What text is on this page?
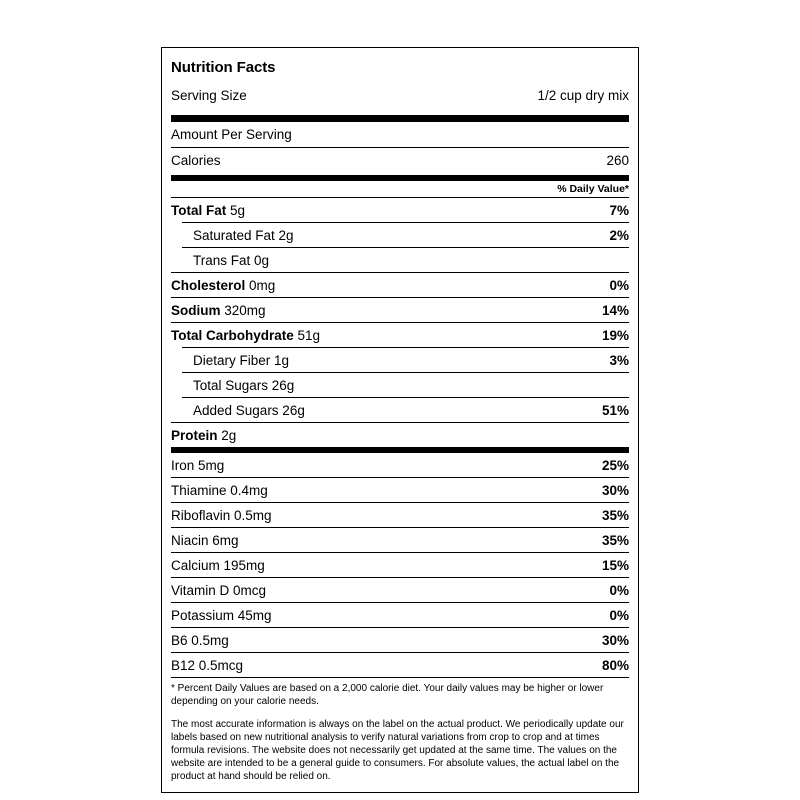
Nutrition Facts
Serving Size	1/2 cup dry mix
Amount Per Serving
Calories	260
% Daily Value*
Total Fat 5g	7%
Saturated Fat 2g	2%
Trans Fat 0g
Cholesterol 0mg	0%
Sodium 320mg	14%
Total Carbohydrate 51g	19%
Dietary Fiber 1g	3%
Total Sugars 26g
Added Sugars 26g	51%
Protein 2g
Iron 5mg	25%
Thiamine 0.4mg	30%
Riboflavin 0.5mg	35%
Niacin 6mg	35%
Calcium 195mg	15%
Vitamin D 0mcg	0%
Potassium 45mg	0%
B6 0.5mg	30%
B12 0.5mcg	80%
* Percent Daily Values are based on a 2,000 calorie diet. Your daily values may be higher or lower depending on your calorie needs.
The most accurate information is always on the label on the actual product. We periodically update our labels based on new nutritional analysis to verify natural variations from crop to crop and at times formula revisions. The website does not necessarily get updated at the same time. The values on the website are intended to be a general guide to consumers. For absolute values, the actual label on the product at hand should be relied on.
